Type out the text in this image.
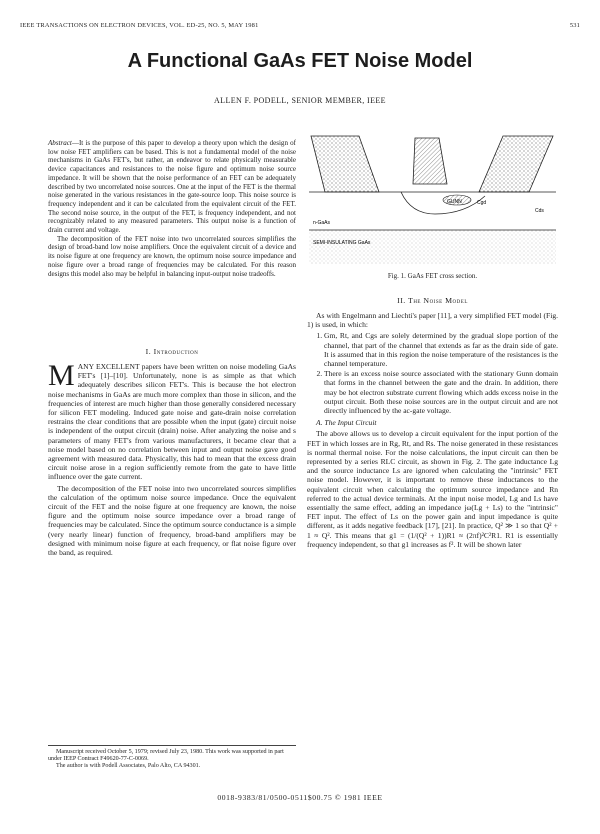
IEEE TRANSACTIONS ON ELECTRON DEVICES, VOL. ED-25, NO. 5, MAY 1981	531
A Functional GaAs FET Noise Model
ALLEN F. PODELL, SENIOR MEMBER, IEEE

Abstract—It is the purpose of this paper to develop a theory upon which the design of low noise FET amplifiers can be based. This is not a fundamental model of the noise mechanisms in GaAs FET's, but rather, an endeavor to relate physically measurable device capacitances and resistances to the noise figure and optimum noise source impedance. It will be shown that the noise performance of an FET can be adequately described by two uncorrelated noise sources. One at the input of the FET is the thermal noise generated in the various resistances in the gate-source loop. This noise source is frequency independent and it can be calculated from the equivalent circuit of the FET. The second noise source, in the output of the FET, is frequency independent, and not recognizably related to any measured parameters. This output noise is a function of drain current and voltage.

The decomposition of the FET noise into two uncorrelated sources simplifies the design of broad-band low noise amplifiers. Once the equivalent circuit of a device and its noise figure at one frequency are known, the optimum noise source impedance and noise figure over a broad range of frequencies may be calculated. For this reason designs this model also may be helpful in balancing input-output noise tradeoffs.

I. Introduction

MANY EXCELLENT papers have been written on noise modeling GaAs FET's [1]–[10]. Unfortunately, none is as simple as that which adequately describes silicon FET's. This is because the hot electron noise mechanisms in GaAs are much more complex than those in silicon, and the frequencies of interest are much higher than those generally considered necessary for silicon FET modeling. Induced gate noise and gate-drain noise correlation restrains the clear conditions that are possible when the input (gate) circuit noise is independent of the output circuit (drain) noise. After analyzing the noise and s parameters of many FET's from various manufacturers, it became clear that a noise model based on no correlation between input and output noise gave good agreement with measured data. Physically, this had to mean that the excess drain circuit noise arose in a region sufficiently remote from the gate to have little influence over the gate current.

The decomposition of the FET noise into two uncorrelated sources simplifies the calculation of the optimum noise source impedance. Once the equivalent circuit of the FET and the noise figure at one frequency are known, the noise figure and the optimum noise source impedance over a broad range of frequencies may be calculated. Since the optimum source conductance is a simple (very nearly linear) function of frequency, broad-band amplifiers may be designed with minimum noise figure at each frequency, or flat noise figure over the band, as required.

Manuscript received October 5, 1979; revised July 23, 1980. This work was supported in part under IEEP Contract F49620-77-C-0069.
The author is with Podell Associates, Palo Alto, CA 94301.
GUNN	Cgd
Cds
n-GaAs
SEMI-INSULATING GaAs
Fig. 1. GaAs FET cross section.
II. The Noise Model

As with Engelmann and Liechti's paper [11], a very simplified FET model (Fig. 1) is used, in which:

1. Gm, Rt, and Cgs are solely determined by the gradual slope portion of the channel, that part of the channel that extends as far as the drain side of gate. It is assumed that in this region the noise temperature of the resistances is the channel temperature.
2. There is an excess noise source associated with the stationary Gunn domain that forms in the channel between the gate and the drain. In addition, there may be hot electron substrate current flowing which adds excess noise in the output circuit. Both these noise sources are in the output circuit and are not directly influenced by the ac-gate voltage.

A. The Input Circuit

The above allows us to develop a circuit equivalent for the input portion of the FET in which losses are in Rg, Rt, and Rs. The noise generated in these resistances is normal thermal noise. For the noise calculations, the input circuit can then be represented by a series RLC circuit, as shown in Fig. 2. The gate inductance Lg and the source inductance Ls are ignored when calculating the "intrinsic" FET noise model. However, it is important to remove these inductances to the equivalent circuit when calculating the optimum source impedance and Rn referred to the actual device terminals. At the input noise model, Lg and Ls have essentially the same effect, adding an impedance jω(Lg + Ls) to the "intrinsic" FET input. The effect of Ls on the power gain and input impedance is quite different, as it adds negative feedback [17], [21]. In practice, Q² ≫ 1 so that Q² + 1 ≈ Q². This means that g1 = (1/(Q² + 1))R1 ≈ (2πf)²C²R1. R1 is essentially frequency independent, so that g1 increases as f². It will be shown later

0018-9383/81/0500-0511$00.75 © 1981 IEEE
